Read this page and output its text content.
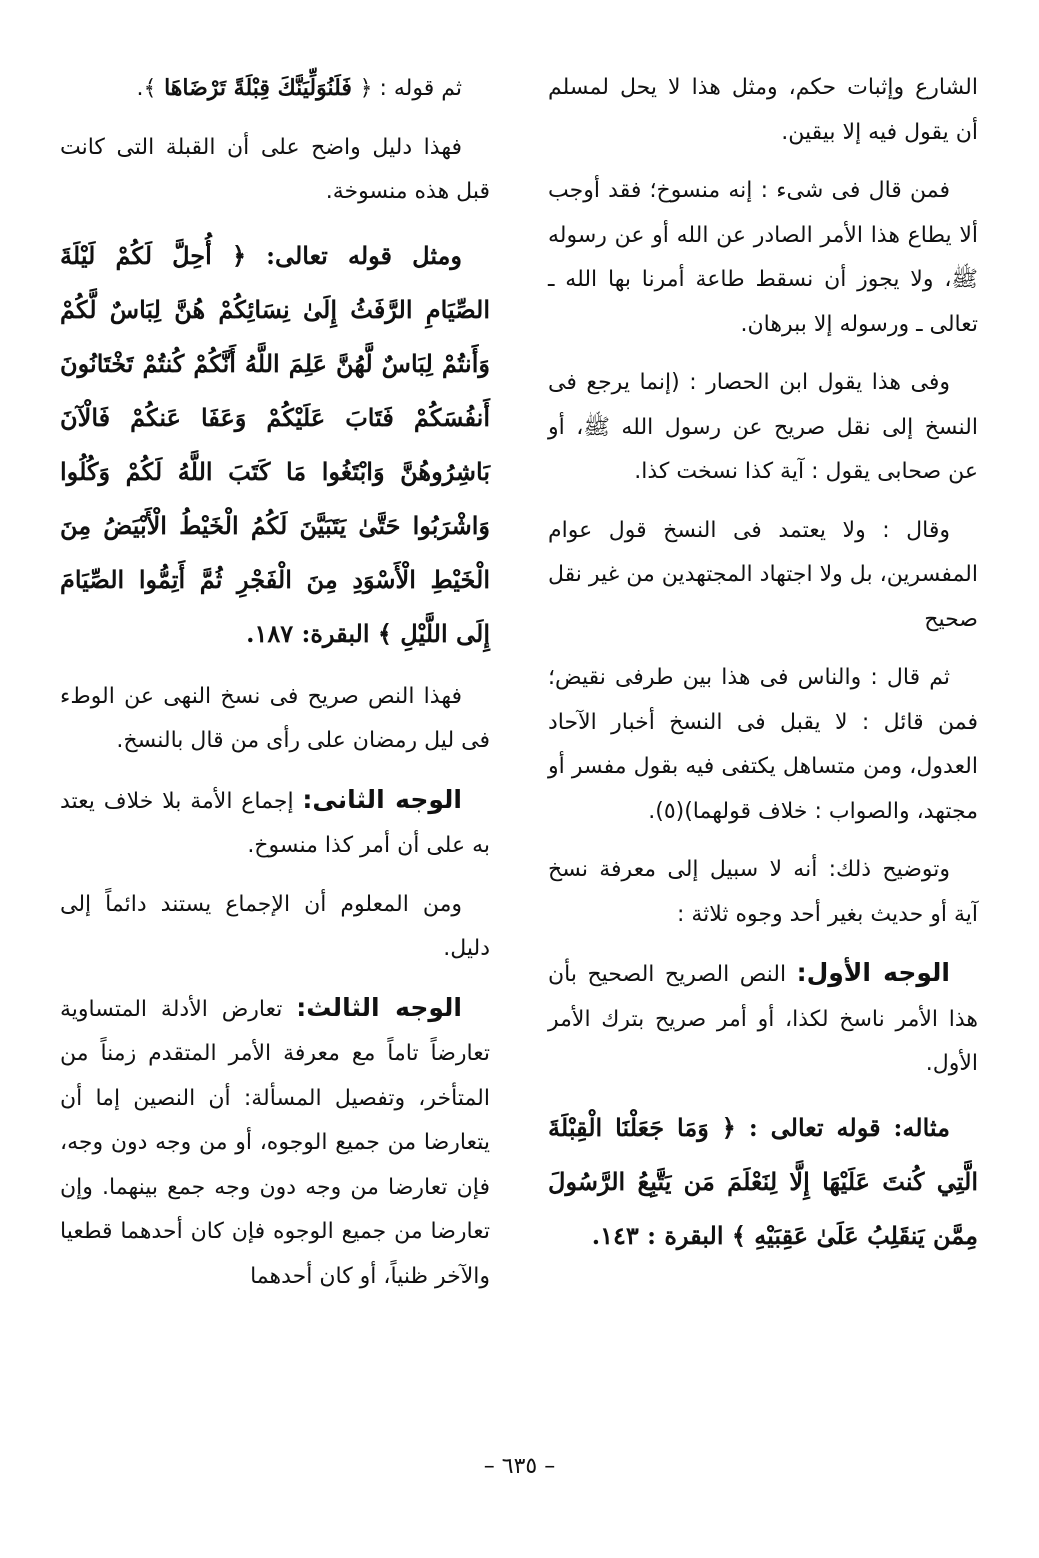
الشارع وإثبات حكم، ومثل هذا لا يحل لمسلم أن يقول فيه إلا بيقين.

فمن قال فى شىء : إنه منسوخ؛ فقد أوجب ألا يطاع هذا الأمر الصادر عن الله أو عن رسوله ﷺ، ولا يجوز أن نسقط طاعة أمرنا بها الله ـ تعالى ـ ورسوله إلا ببرهان.

وفى هذا يقول ابن الحصار : (إنما يرجع فى النسخ إلى نقل صريح عن رسول الله ﷺ، أو عن صحابى يقول : آية كذا نسخت كذا.

وقال : ولا يعتمد فى النسخ قول عوام المفسرين، بل ولا اجتهاد المجتهدين من غير نقل صحيح

ثم قال : والناس فى هذا بين طرفى نقيض؛ فمن قائل : لا يقبل فى النسخ أخبار الآحاد العدول، ومن متساهل يكتفى فيه بقول مفسر أو مجتهد، والصواب : خلاف قولهما)(٥).

وتوضيح ذلك: أنه لا سبيل إلى معرفة نسخ آية أو حديث بغير أحد وجوه ثلاثة :

الوجه الأول: النص الصريح الصحيح بأن هذا الأمر ناسخ لكذا، أو أمر صريح بترك الأمر الأول.

مثاله: قوله تعالى : ﴿ وَمَا جَعَلْنَا الْقِبْلَةَ الَّتِي كُنتَ عَلَيْهَا إِلَّا لِنَعْلَمَ مَن يَتَّبِعُ الرَّسُولَ مِمَّن يَنقَلِبُ عَلَىٰ عَقِبَيْهِ ﴾ البقرة : ١٤٣.

ثم قوله : ﴿ فَلَنُوَلِّيَنَّكَ قِبْلَةً تَرْضَاهَا ﴾.

فهذا دليل واضح على أن القبلة التى كانت قبل هذه منسوخة.

ومثل قوله تعالى: ﴿ أُحِلَّ لَكُمْ لَيْلَةَ الصِّيَامِ الرَّفَثُ إِلَىٰ نِسَائِكُمْ هُنَّ لِبَاسٌ لَّكُمْ وَأَنتُمْ لِبَاسٌ لَّهُنَّ عَلِمَ اللَّهُ أَنَّكُمْ كُنتُمْ تَخْتَانُونَ أَنفُسَكُمْ فَتَابَ عَلَيْكُمْ وَعَفَا عَنكُمْ فَالْآنَ بَاشِرُوهُنَّ وَابْتَغُوا مَا كَتَبَ اللَّهُ لَكُمْ وَكُلُوا وَاشْرَبُوا حَتَّىٰ يَتَبَيَّنَ لَكُمُ الْخَيْطُ الْأَبْيَضُ مِنَ الْخَيْطِ الْأَسْوَدِ مِنَ الْفَجْرِ ثُمَّ أَتِمُّوا الصِّيَامَ إِلَى اللَّيْلِ ﴾ البقرة: ١٨٧.

فهذا النص صريح فى نسخ النهى عن الوطء فى ليل رمضان على رأى من قال بالنسخ.

الوجه الثانى: إجماع الأمة بلا خلاف يعتد به على أن أمر كذا منسوخ.

ومن المعلوم أن الإجماع يستند دائماً إلى دليل.

الوجه الثالث: تعارض الأدلة المتساوية تعارضاً تاماً مع معرفة الأمر المتقدم زمناً من المتأخر، وتفصيل المسألة: أن النصين إما أن يتعارضا من جميع الوجوه، أو من وجه دون وجه، فإن تعارضا من وجه دون وجه جمع بينهما. وإن تعارضا من جميع الوجوه فإن كان أحدهما قطعيا والآخر ظنياً، أو كان أحدهما

– ٦٣٥ –
